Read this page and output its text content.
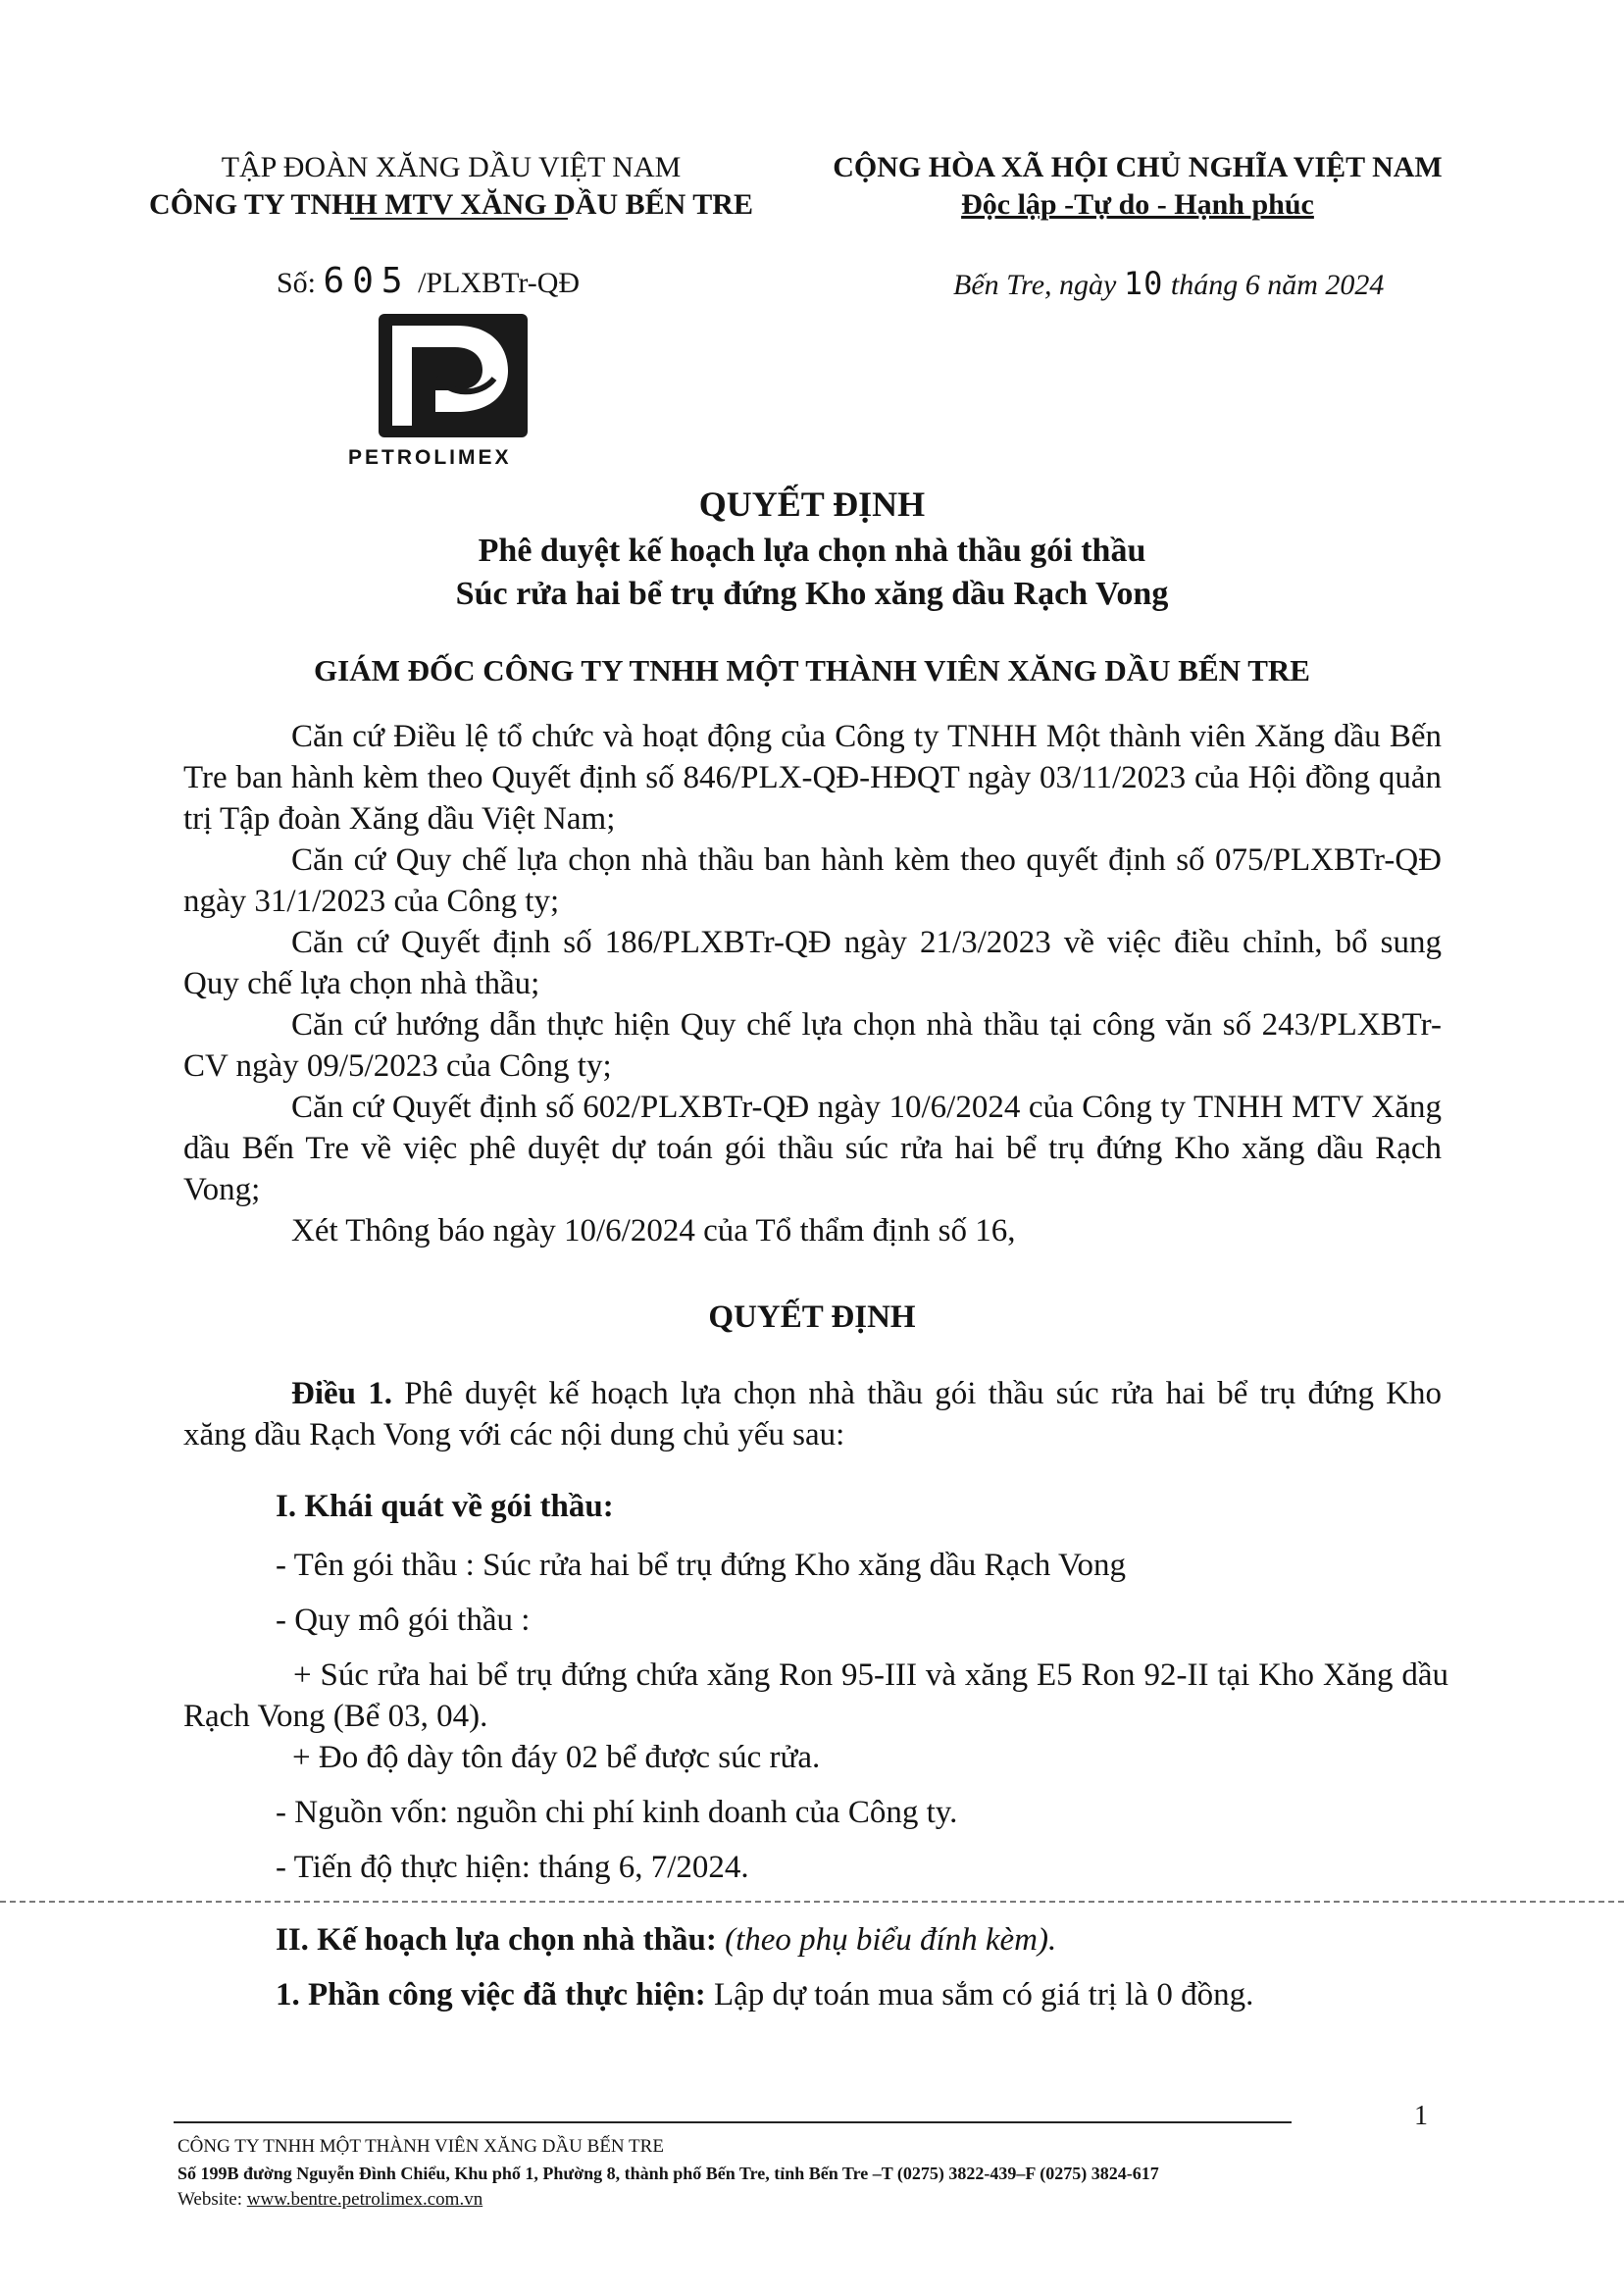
TẬP ĐOÀN XĂNG DẦU VIỆT NAM
CÔNG TY TNHH MTV XĂNG DẦU BẾN TRE
CỘNG HÒA XÃ HỘI CHỦ NGHĨA VIỆT NAM
Độc lập -Tự do - Hạnh phúc
Số: 605 /PLXBTr-QĐ	Bến Tre, ngày 10 tháng 6 năm 2024
PETROLIMEX
QUYẾT ĐỊNH
Phê duyệt kế hoạch lựa chọn nhà thầu gói thầu
Súc rửa hai bể trụ đứng Kho xăng dầu Rạch Vong
GIÁM ĐỐC CÔNG TY TNHH MỘT THÀNH VIÊN XĂNG DẦU BẾN TRE

Căn cứ Điều lệ tổ chức và hoạt động của Công ty TNHH Một thành viên Xăng dầu Bến Tre ban hành kèm theo Quyết định số 846/PLX-QĐ-HĐQT ngày 03/11/2023 của Hội đồng quản trị Tập đoàn Xăng dầu Việt Nam;

Căn cứ Quy chế lựa chọn nhà thầu ban hành kèm theo quyết định số 075/PLXBTr-QĐ ngày 31/1/2023 của Công ty;

Căn cứ Quyết định số 186/PLXBTr-QĐ ngày 21/3/2023 về việc điều chỉnh, bổ sung Quy chế lựa chọn nhà thầu;

Căn cứ hướng dẫn thực hiện Quy chế lựa chọn nhà thầu tại công văn số 243/PLXBTr-CV ngày 09/5/2023 của Công ty;

Căn cứ Quyết định số 602/PLXBTr-QĐ ngày 10/6/2024 của Công ty TNHH MTV Xăng dầu Bến Tre về việc phê duyệt dự toán gói thầu súc rửa hai bể trụ đứng Kho xăng dầu Rạch Vong;

Xét Thông báo ngày 10/6/2024 của Tổ thẩm định số 16,

QUYẾT ĐỊNH

Điều 1. Phê duyệt kế hoạch lựa chọn nhà thầu gói thầu súc rửa hai bể trụ đứng Kho xăng dầu Rạch Vong với các nội dung chủ yếu sau:

I. Khái quát về gói thầu:
- Tên gói thầu : Súc rửa hai bể trụ đứng Kho xăng dầu Rạch Vong
- Quy mô gói thầu :

+ Súc rửa hai bể trụ đứng chứa xăng Ron 95-III và xăng E5 Ron 92-II tại Kho Xăng dầu Rạch Vong (Bể 03, 04).

+ Đo độ dày tôn đáy 02 bể được súc rửa.
- Nguồn vốn: nguồn chi phí kinh doanh của Công ty.
- Tiến độ thực hiện: tháng 6, 7/2024.
II. Kế hoạch lựa chọn nhà thầu: (theo phụ biểu đính kèm).
1. Phần công việc đã thực hiện: Lập dự toán mua sắm có giá trị là 0 đồng.
1
CÔNG TY TNHH MỘT THÀNH VIÊN XĂNG DẦU BẾN TRE
Số 199B đường Nguyễn Đình Chiểu, Khu phố 1, Phường 8, thành phố Bến Tre, tỉnh Bến Tre –T (0275) 3822-439–F (0275) 3824-617
Website: www.bentre.petrolimex.com.vn
